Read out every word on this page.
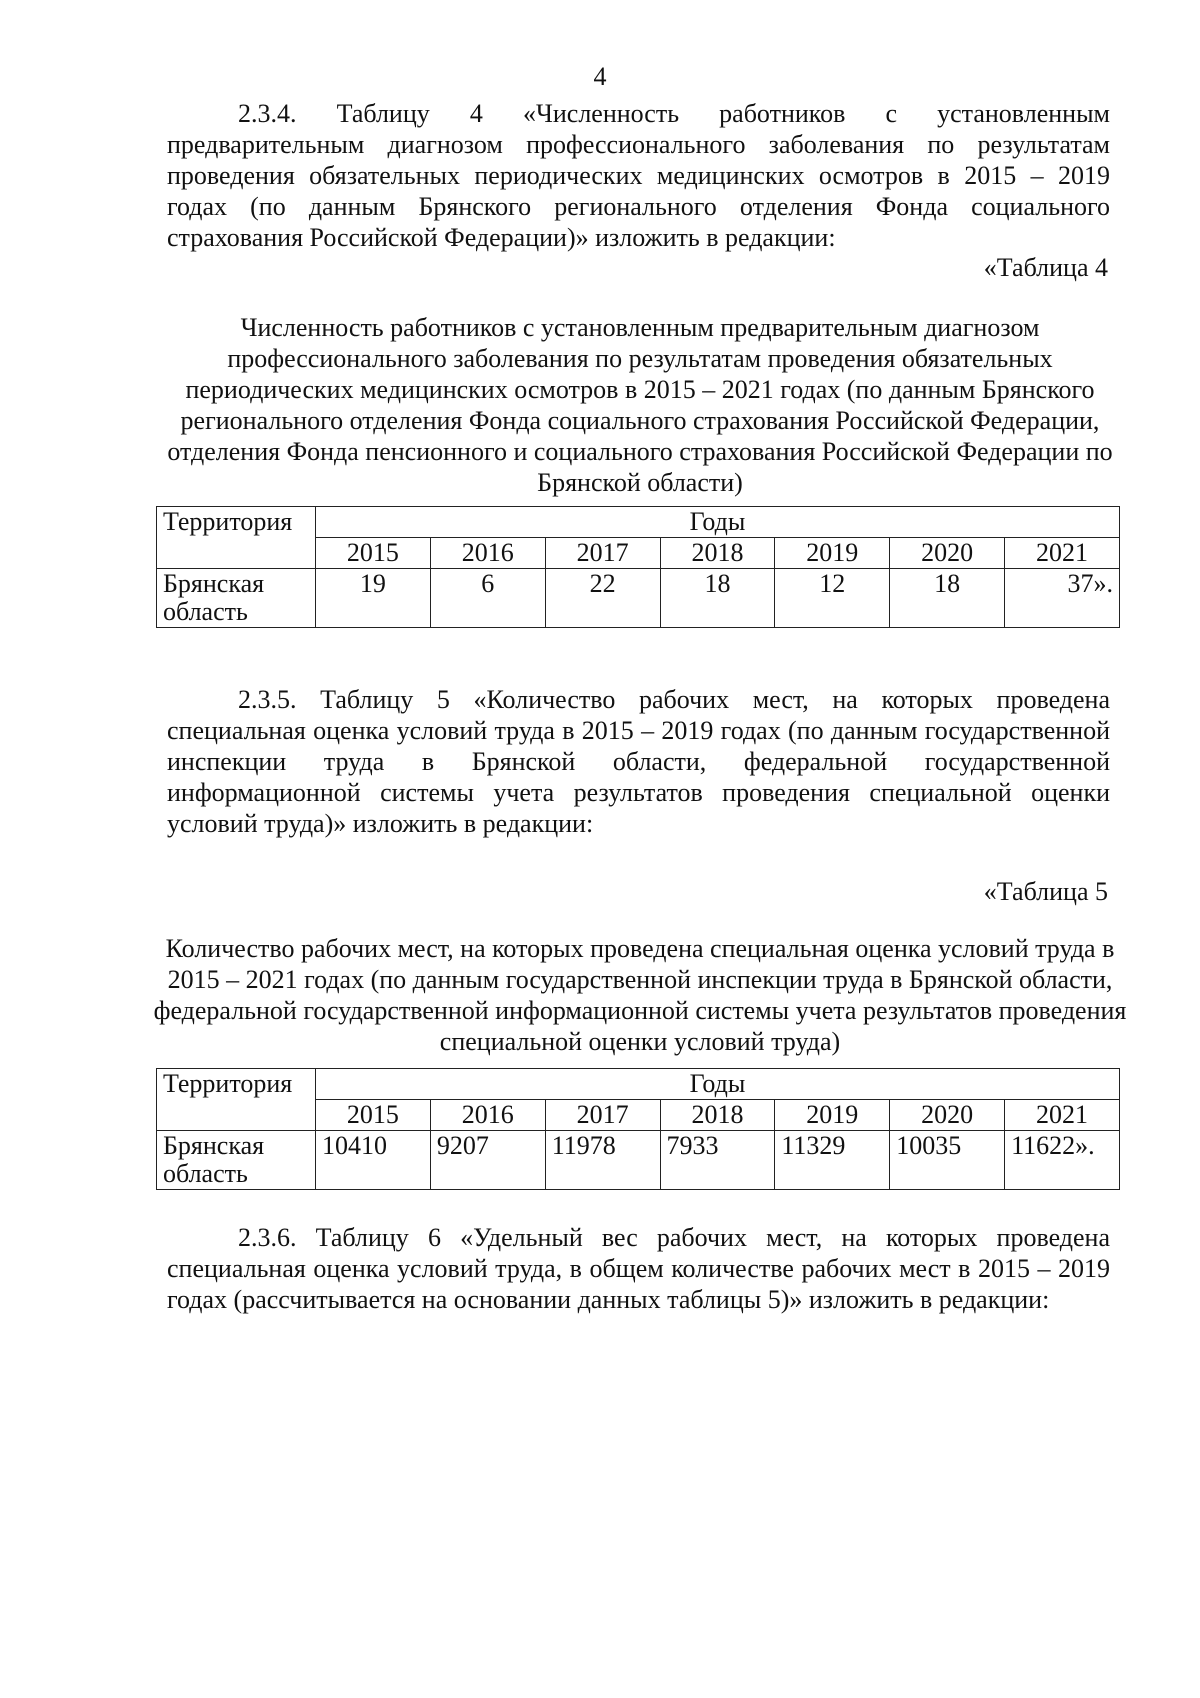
4

2.3.4. Таблицу 4 «Численность работников с установленным предварительным диагнозом профессионального заболевания по результатам проведения обязательных периодических медицинских осмотров в 2015 – 2019 годах (по данным Брянского регионального отделения Фонда социального страхования Российской Федерации)» изложить в редакции:

«Таблица 4

Численность работников с установленным предварительным диагнозом профессионального заболевания по результатам проведения обязательных периодических медицинских осмотров в 2015 – 2021 годах (по данным Брянского регионального отделения Фонда социального страхования Российской Федерации, отделения Фонда пенсионного и социального страхования Российской Федерации по Брянской области)

Территория	Годы						
	2015	2016	2017	2018	2019	2020	2021
Брянская область	19	6	22	18	12	18	37».

2.3.5. Таблицу 5 «Количество рабочих мест, на которых проведена специальная оценка условий труда в 2015 – 2019 годах (по данным государственной инспекции труда в Брянской области, федеральной государственной информационной системы учета результатов проведения специальной оценки условий труда)» изложить в редакции:

«Таблица 5

Количество рабочих мест, на которых проведена специальная оценка условий труда в 2015 – 2021 годах (по данным государственной инспекции труда в Брянской области, федеральной государственной информационной системы учета результатов проведения специальной оценки условий труда)

Территория	Годы						
	2015	2016	2017	2018	2019	2020	2021
Брянская область	10410	9207	11978	7933	11329	10035	11622».

2.3.6. Таблицу 6 «Удельный вес рабочих мест, на которых проведена специальная оценка условий труда, в общем количестве рабочих мест в 2015 – 2019 годах (рассчитывается на основании данных таблицы 5)» изложить в редакции:
